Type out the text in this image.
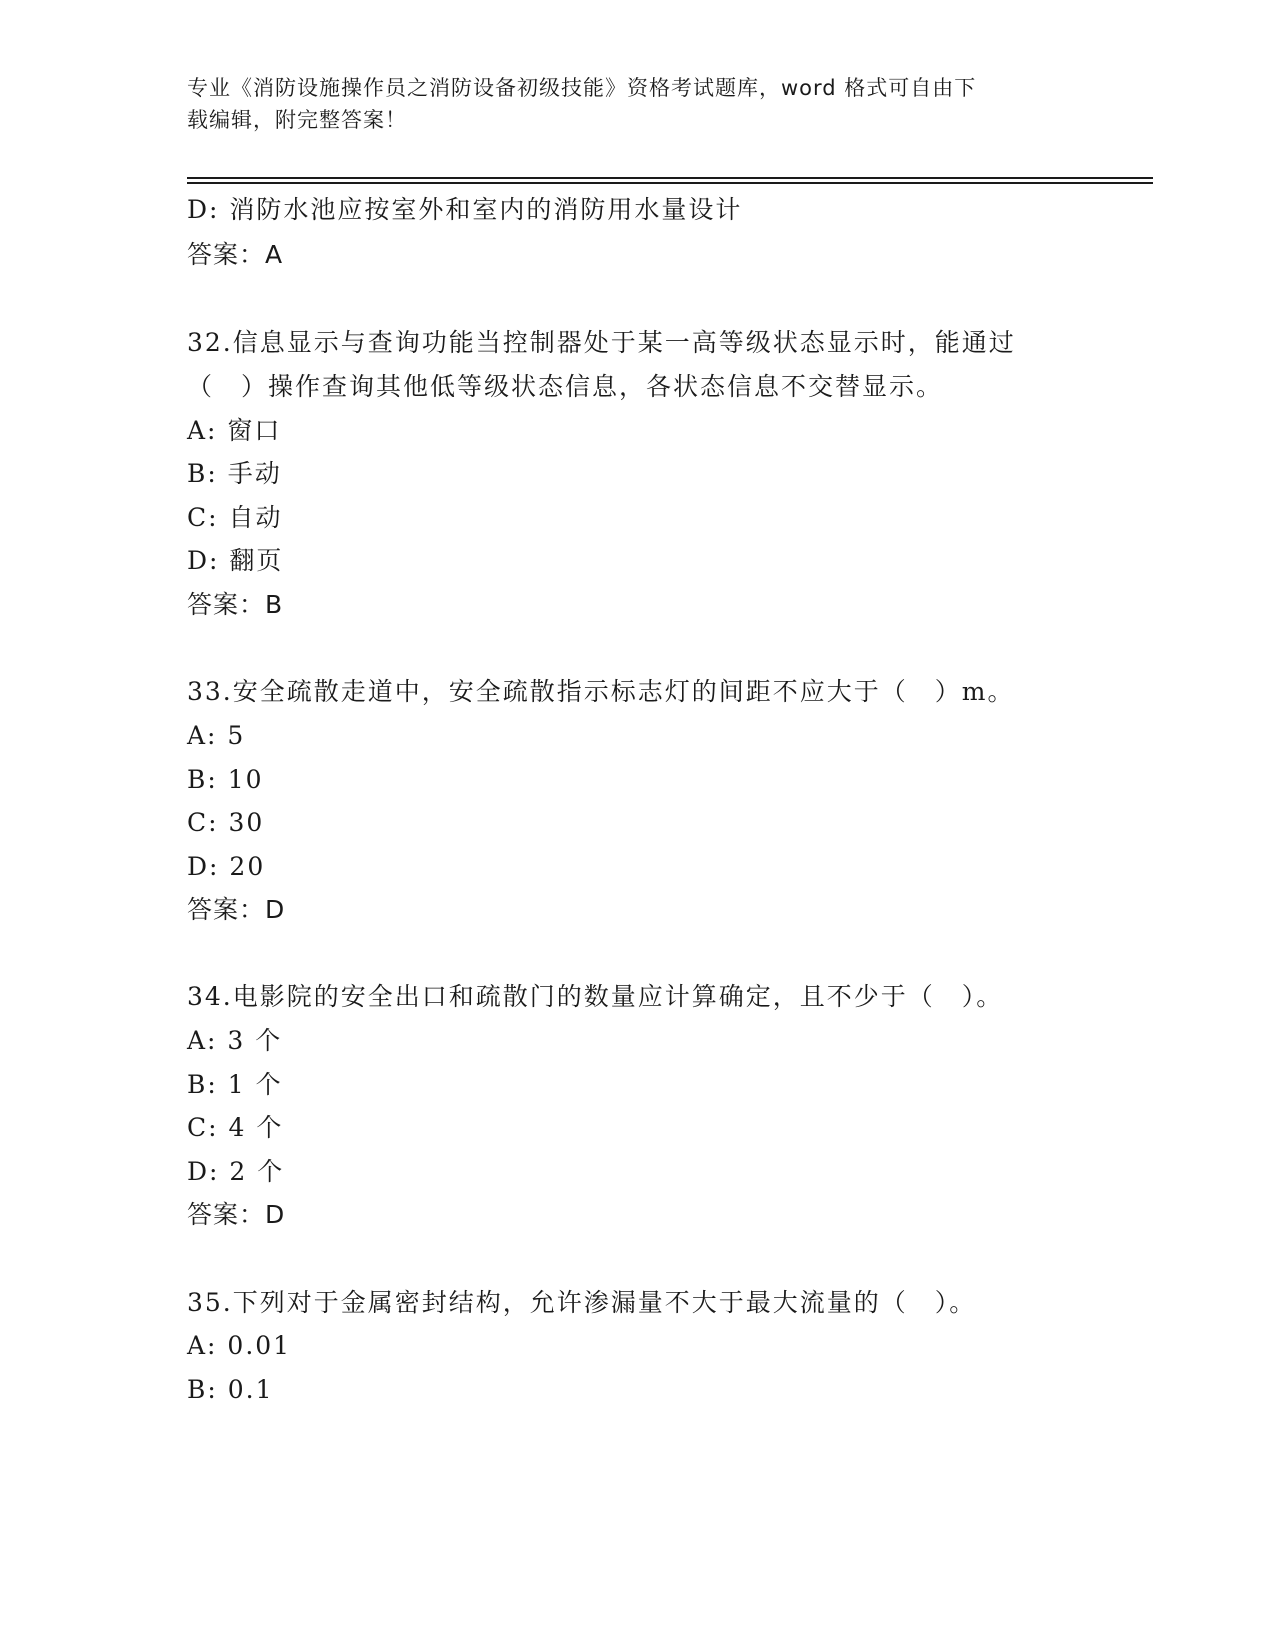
专业《消防设施操作员之消防设备初级技能》资格考试题库，word 格式可自由下
载编辑，附完整答案！
D: 消防水池应按室外和室内的消防用水量设计
答案：A
32.信息显示与查询功能当控制器处于某一高等级状态显示时，能通过
（　）操作查询其他低等级状态信息，各状态信息不交替显示。
A: 窗口
B: 手动
C: 自动
D: 翻页
答案：B
33.安全疏散走道中，安全疏散指示标志灯的间距不应大于（　）m。
A: 5
B: 10
C: 30
D: 20
答案：D
34.电影院的安全出口和疏散门的数量应计算确定，且不少于（　）。
A: 3 个
B: 1 个
C: 4 个
D: 2 个
答案：D
35.下列对于金属密封结构，允许渗漏量不大于最大流量的（　）。
A: 0.01
B: 0.1
